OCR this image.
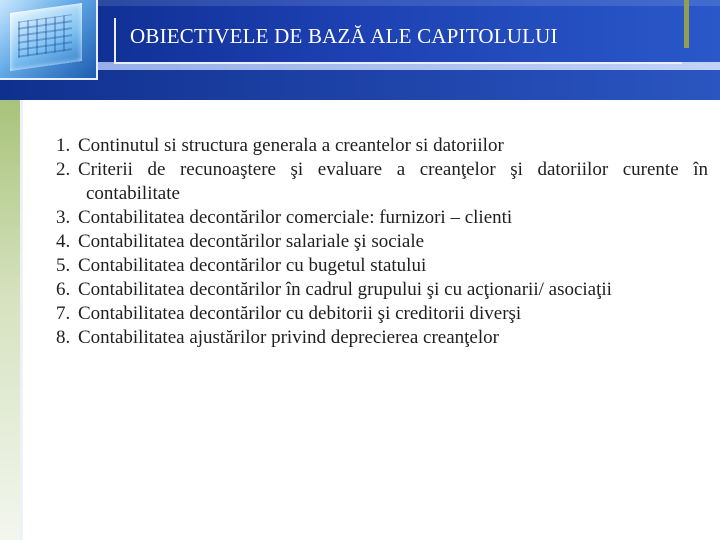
OBIECTIVELE DE BAZĂ ALE CAPITOLULUI
1. Continutul si structura generala a creantelor si datoriilor
2. Criterii de recunoaştere şi evaluare a creanţelor şi datoriilor curente în contabilitate
3. Contabilitatea decontărilor comerciale: furnizori – clienti
4. Contabilitatea decontărilor salariale şi sociale
5. Contabilitatea decontărilor cu bugetul statului
6. Contabilitatea decontărilor în cadrul grupului şi cu acţionarii/ asociaţii
7. Contabilitatea decontărilor cu debitorii şi creditorii diverşi
8. Contabilitatea ajustărilor privind deprecierea creanţelor
